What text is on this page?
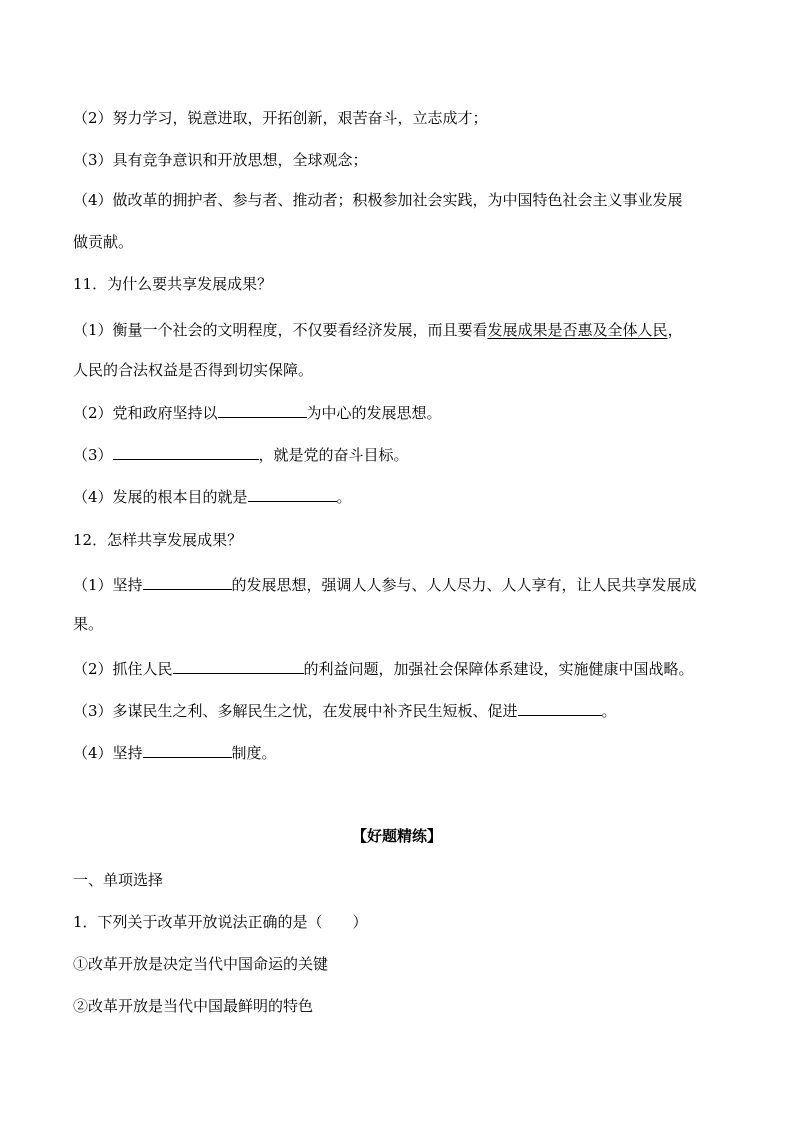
（2）努力学习，锐意进取，开拓创新，艰苦奋斗，立志成才；
（3）具有竞争意识和开放思想，全球观念；
（4）做改革的拥护者、参与者、推动者；积极参加社会实践，为中国特色社会主义事业发展
做贡献。
11．为什么要共享发展成果？
（1）衡量一个社会的文明程度，不仅要看经济发展，而且要看发展成果是否惠及全体人民，
人民的合法权益是否得到切实保障。
（2）党和政府坚持以	为中心的发展思想。
（3）	，就是党的奋斗目标。
（4）发展的根本目的就是	。
12．怎样共享发展成果？
（1）坚持	的发展思想，强调人人参与、人人尽力、人人享有，让人民共享发展成
果。
（2）抓住人民	的利益问题，加强社会保障体系建设，实施健康中国战略。
（3）多谋民生之利、多解民生之忧，在发展中补齐民生短板、促进	。
（4）坚持	制度。
【好题精练】
一、单项选择
1．下列关于改革开放说法正确的是（　　）
①改革开放是决定当代中国命运的关键
②改革开放是当代中国最鲜明的特色
